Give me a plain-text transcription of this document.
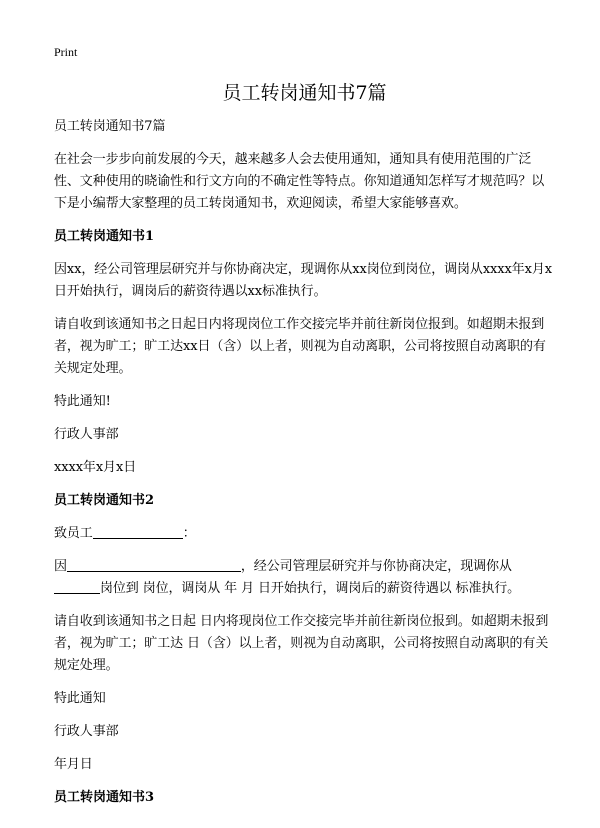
Print
员工转岗通知书7篇

员工转岗通知书7篇

在社会一步步向前发展的今天，越来越多人会去使用通知，通知具有使用范围的广泛性、文种使用的晓谕性和行文方向的不确定性等特点。你知道通知怎样写才规范吗？以下是小编帮大家整理的员工转岗通知书，欢迎阅读，希望大家能够喜欢。

员工转岗通知书1

因xx，经公司管理层研究并与你协商决定，现调你从xx岗位到岗位，调岗从xxxx年x月x日开始执行，调岗后的薪资待遇以xx标准执行。

请自收到该通知书之日起日内将现岗位工作交接完毕并前往新岗位报到。如超期未报到者，视为旷工；旷工达xx日（含）以上者，则视为自动离职，公司将按照自动离职的有关规定处理。

特此通知!

行政人事部

xxxx年x月x日

员工转岗通知书2

致员工	：

因	，经公司管理层研究并与你协商决定，现调你从岗位到 岗位，调岗从 年 月 日开始执行，调岗后的薪资待遇以 标准执行。

请自收到该通知书之日起 日内将现岗位工作交接完毕并前往新岗位报到。如超期未报到者，视为旷工；旷工达 日（含）以上者，则视为自动离职，公司将按照自动离职的有关规定处理。

特此通知

行政人事部

年月日

员工转岗通知书3
